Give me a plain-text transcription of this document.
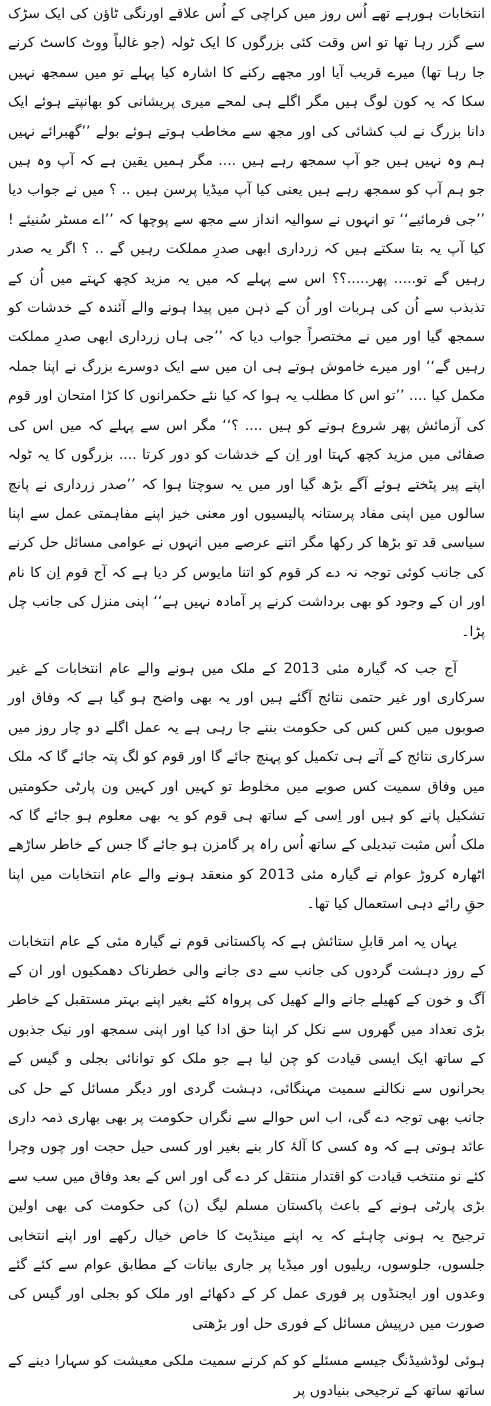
انتخابات ہورہے تھے اُس روز میں کراچی کے اُس علاقے اورنگی ٹاؤن کی ایک سڑک سے گزر رہا تھا تو اس وقت کئی بزرگوں کا ایک ٹولہ (جو غالباً ووٹ کاسٹ کرنے جا رہا تھا) میرے قریب آیا اور مجھے رکنے کا اشارہ کیا پہلے تو میں سمجھ نہیں سکا کہ یہ کون لوگ ہیں مگر اگلے ہی لمحے میری پریشانی کو بھانپتے ہوئے ایک دانا بزرگ نے لب کشائی کی اور مجھ سے مخاطب ہوتے ہوئے بولے ’’گھبرائے نہیں ہم وہ نہیں ہیں جو آپ سمجھ رہے ہیں .... مگر ہمیں یقین ہے کہ آپ وہ ہیں جو ہم آپ کو سمجھ رہے ہیں یعنی کیا آپ میڈیا پرسن ہیں .. ؟ میں نے جواب دیا ’’جی فرمائیے‘‘ تو انہوں نے سوالیہ انداز سے مجھ سے پوچھا کہ ’’اے مسٹر سُنیئے ! کیا آپ یہ بتا سکتے ہیں کہ زرداری ابھی صدرِ مملکت رہیں گے .. ؟ اگر یہ صدر رہیں گے تو..... پھر.....؟؟ اس سے پہلے کہ میں یہ مزید کچھ کہتے میں اُن کے تذبذب سے اُن کی ہربات اور اُن کے ذہن میں پیدا ہونے والے آئندہ کے خدشات کو سمجھ گیا اور میں نے مختصراً جواب دیا کہ ’’جی ہاں زرداری ابھی صدرِ مملکت رہیں گے‘‘ اور میرے خاموش ہوتے ہی ان میں سے ایک دوسرے بزرگ نے اپنا جملہ مکمل کیا .... ’’تو اس کا مطلب یہ ہوا کہ کیا نئے حکمرانوں کا کڑا امتحان اور قوم کی آزمائش پھر شروع ہونے کو ہیں .... ؟‘‘ مگر اس سے پہلے کہ میں اس کی صفائی میں مزید کچھ کہتا اور اِن کے خدشات کو دور کرتا .... بزرگوں کا یہ ٹولہ اپنے پیر پٹختے ہوئے آگے بڑھ گیا اور میں یہ سوچتا ہوا کہ ’’صدر زرداری نے پانچ سالوں میں اپنی مفاد پرستانہ پالیسیوں اور معنی خیز اپنے مفاہمتی عمل سے اپنا سیاسی قد تو بڑھا کر رکھا مگر اتنے عرصے میں انہوں نے عوامی مسائل حل کرنے کی جانب کوئی توجہ نہ دے کر قوم کو اتنا مایوس کر دیا ہے کہ آج قوم اِن کا نام اور ان کے وجود کو بھی برداشت کرنے پر آمادہ نہیں ہے‘‘ اپنی منزل کی جانب چل پڑا۔

آج جب کہ گیارہ مئی 2013 کے ملک میں ہونے والے عام انتخابات کے غیر سرکاری اور غیر حتمی نتائج آگئے ہیں اور یہ بھی واضح ہو گیا ہے کہ وفاق اور صوبوں میں کس کس کی حکومت بننے جا رہی ہے یہ عمل اگلے دو چار روز میں سرکاری نتائج کے آتے ہی تکمیل کو پہنچ جائے گا اور قوم کو لگ پتہ جائے گا کہ ملک میں وفاق سمیت کس صوبے میں مخلوط تو کہیں اور کہیں ون پارٹی حکومتیں تشکیل پانے کو ہیں اور اِسی کے ساتھ ہی قوم کو یہ بھی معلوم ہو جائے گا کہ ملک اُس مثبت تبدیلی کے ساتھ اُس راہ پر گامزن ہو جائے گا جس کے خاطر ساڑھے اٹھارہ کروڑ عوام نے گیارہ مئی 2013 کو منعقد ہونے والے عام انتخابات میں اپنا حقِ رائے دہی استعمال کیا تھا۔

یہاں یہ امر قابلِ ستائش ہے کہ پاکستانی قوم نے گیارہ مئی کے عام انتخابات کے روز دہشت گردوں کی جانب سے دی جانے والی خطرناک دھمکیوں اور ان کے آگ و خون کے کھیلے جانے والے کھیل کی پرواہ کئے بغیر اپنے بہتر مستقبل کے خاطر بڑی تعداد میں گھروں سے نکل کر اپنا حق ادا کیا اور اپنی سمجھ اور نیک جذبوں کے ساتھ ایک ایسی قیادت کو چن لیا ہے جو ملک کو توانائی بجلی و گیس کے بحرانوں سے نکالنے سمیت مہنگائی، دہشت گردی اور دیگر مسائل کے حل کی جانب بھی توجہ دے گی، اب اس حوالے سے نگراں حکومت پر بھی بھاری ذمہ داری عائد ہوتی ہے کہ وہ کسی کا آلۂ کار بنے بغیر اور کسی حیل حجت اور چوں وچرا کئے نو منتخب قیادت کو اقتدار منتقل کر دے گی اور اس کے بعد وفاق میں سب سے بڑی پارٹی ہونے کے باعث پاکستان مسلم لیگ (ن) کی حکومت کی بھی اولین ترجیح یہ ہونی چاہئے کہ یہ اپنے مینڈیٹ کا خاص خیال رکھے اور اپنے انتخابی جلسوں، جلوسوں، ریلیوں اور میڈیا پر جاری بیانات کے مطابق عوام سے کئے گئے وعدوں اور ایجنڈوں پر فوری عمل کر کے دکھائے اور ملک کو بجلی اور گیس کی صورت میں درپیش مسائل کے فوری حل اور بڑھتی

ہوئی لوڈشیڈنگ جیسے مسئلے کو کم کرنے سمیت ملکی معیشت کو سہارا دینے کے ساتھ ساتھ کے ترجیحی بنیادوں پر
